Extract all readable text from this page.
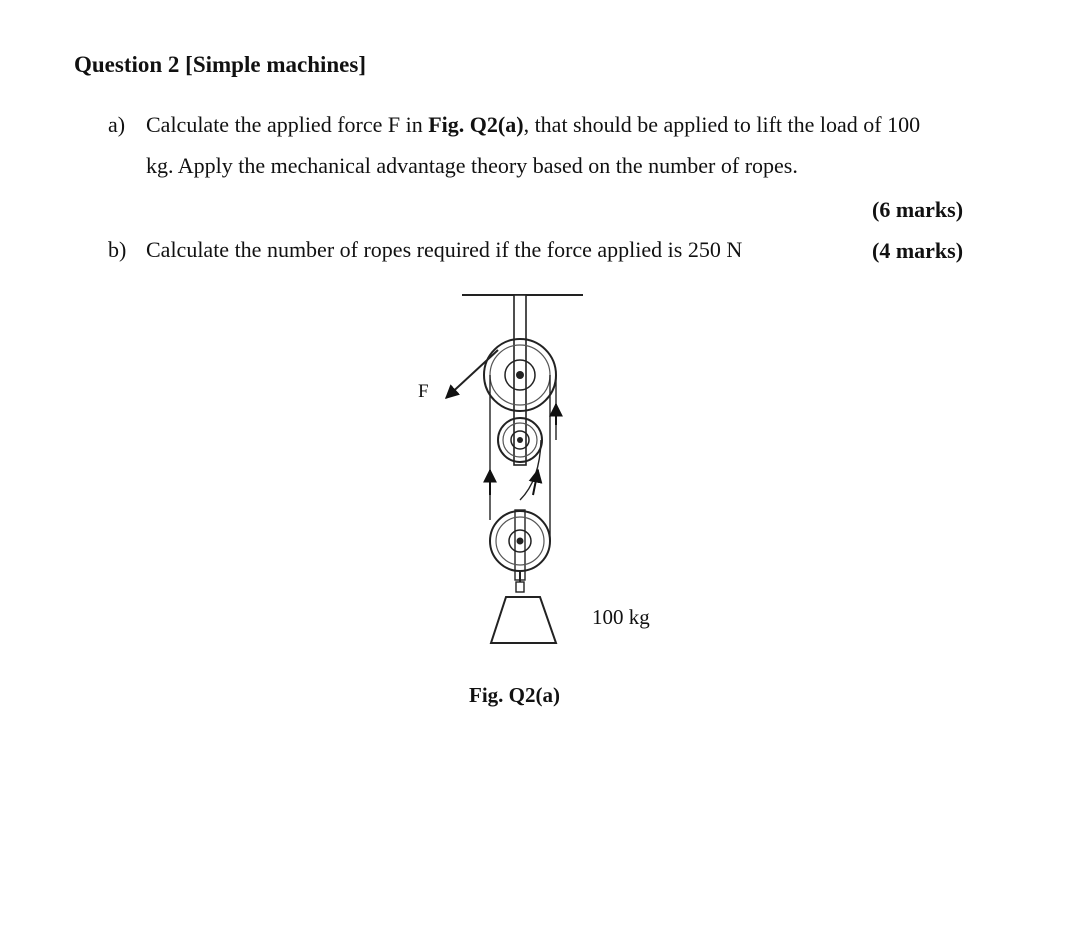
Question 2 [Simple machines]
a) Calculate the applied force F in Fig. Q2(a), that should be applied to lift the load of 100
kg. Apply the mechanical advantage theory based on the number of ropes.
(6 marks)
b) Calculate the number of ropes required if the force applied is 250 N	(4 marks)
F
100 kg
Fig. Q2(a)
